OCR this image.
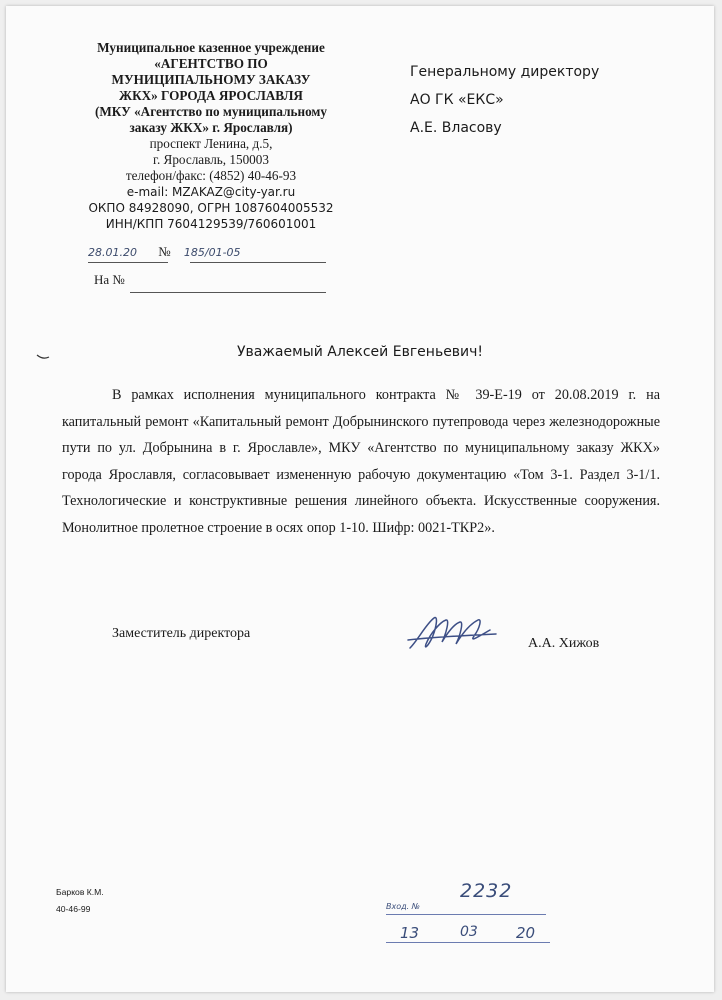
Муниципальное казенное учреждение
«АГЕНТСТВО ПО
МУНИЦИПАЛЬНОМУ ЗАКАЗУ
ЖКХ» ГОРОДА ЯРОСЛАВЛЯ
(МКУ «Агентство по муниципальному
заказу ЖКХ» г. Ярославля)
проспект Ленина, д.5,
г. Ярославль, 150003
телефон/факс: (4852) 40-46-93
e-mail: MZAKAZ@city-yar.ru
ОКПО 84928090, ОГРН 1087604005532
ИНН/КПП 7604129539/760601001
28.01.20 № 185/01-05
На №
Генеральному директору
АО ГК «ЕКС»
А.Е. Власову
Уважаемый Алексей Евгеньевич!
В рамках исполнения муниципального контракта № 39-Е-19 от 20.08.2019 г. на капитальный ремонт «Капитальный ремонт Добрынинского путепровода через железнодорожные пути по ул. Добрынина в г. Ярославле», МКУ «Агентство по муниципальному заказу ЖКХ» города Ярославля, согласовывает измененную рабочую документацию «Том 3-1. Раздел 3-1/1. Технологические и конструктивные решения линейного объекта. Искусственные сооружения. Монолитное пролетное строение в осях опор 1-10. Шифр: 0021-ТКР2».
Заместитель директора
А.А. Хижов
Барков К.М.
40-46-99	Вход. №
2232
13	03	20
